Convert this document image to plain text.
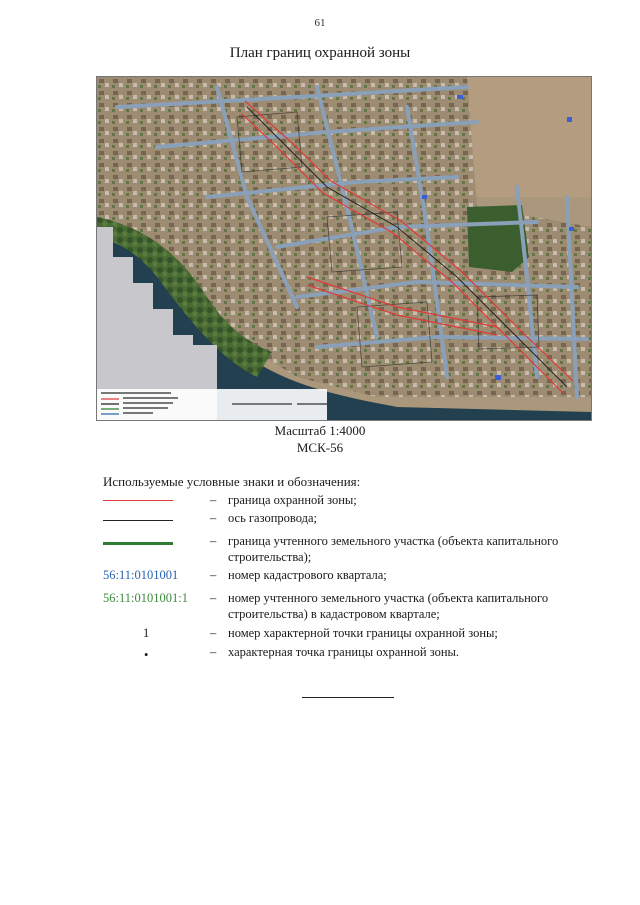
61
План границ охранной зоны
Масштаб 1:4000
МСК-56
Используемые условные знаки и обозначения:
– граница охранной зоны;
– ось газопровода;
– граница учтенного земельного участка (объекта капитального строительства);
56:11:0101001	– номер кадастрового квартала;
56:11:0101001:1	– номер учтенного земельного участка (объекта капитального строительства) в кадастровом квартале;
1	– номер характерной точки границы охранной зоны;
•	– характерная точка границы охранной зоны.
